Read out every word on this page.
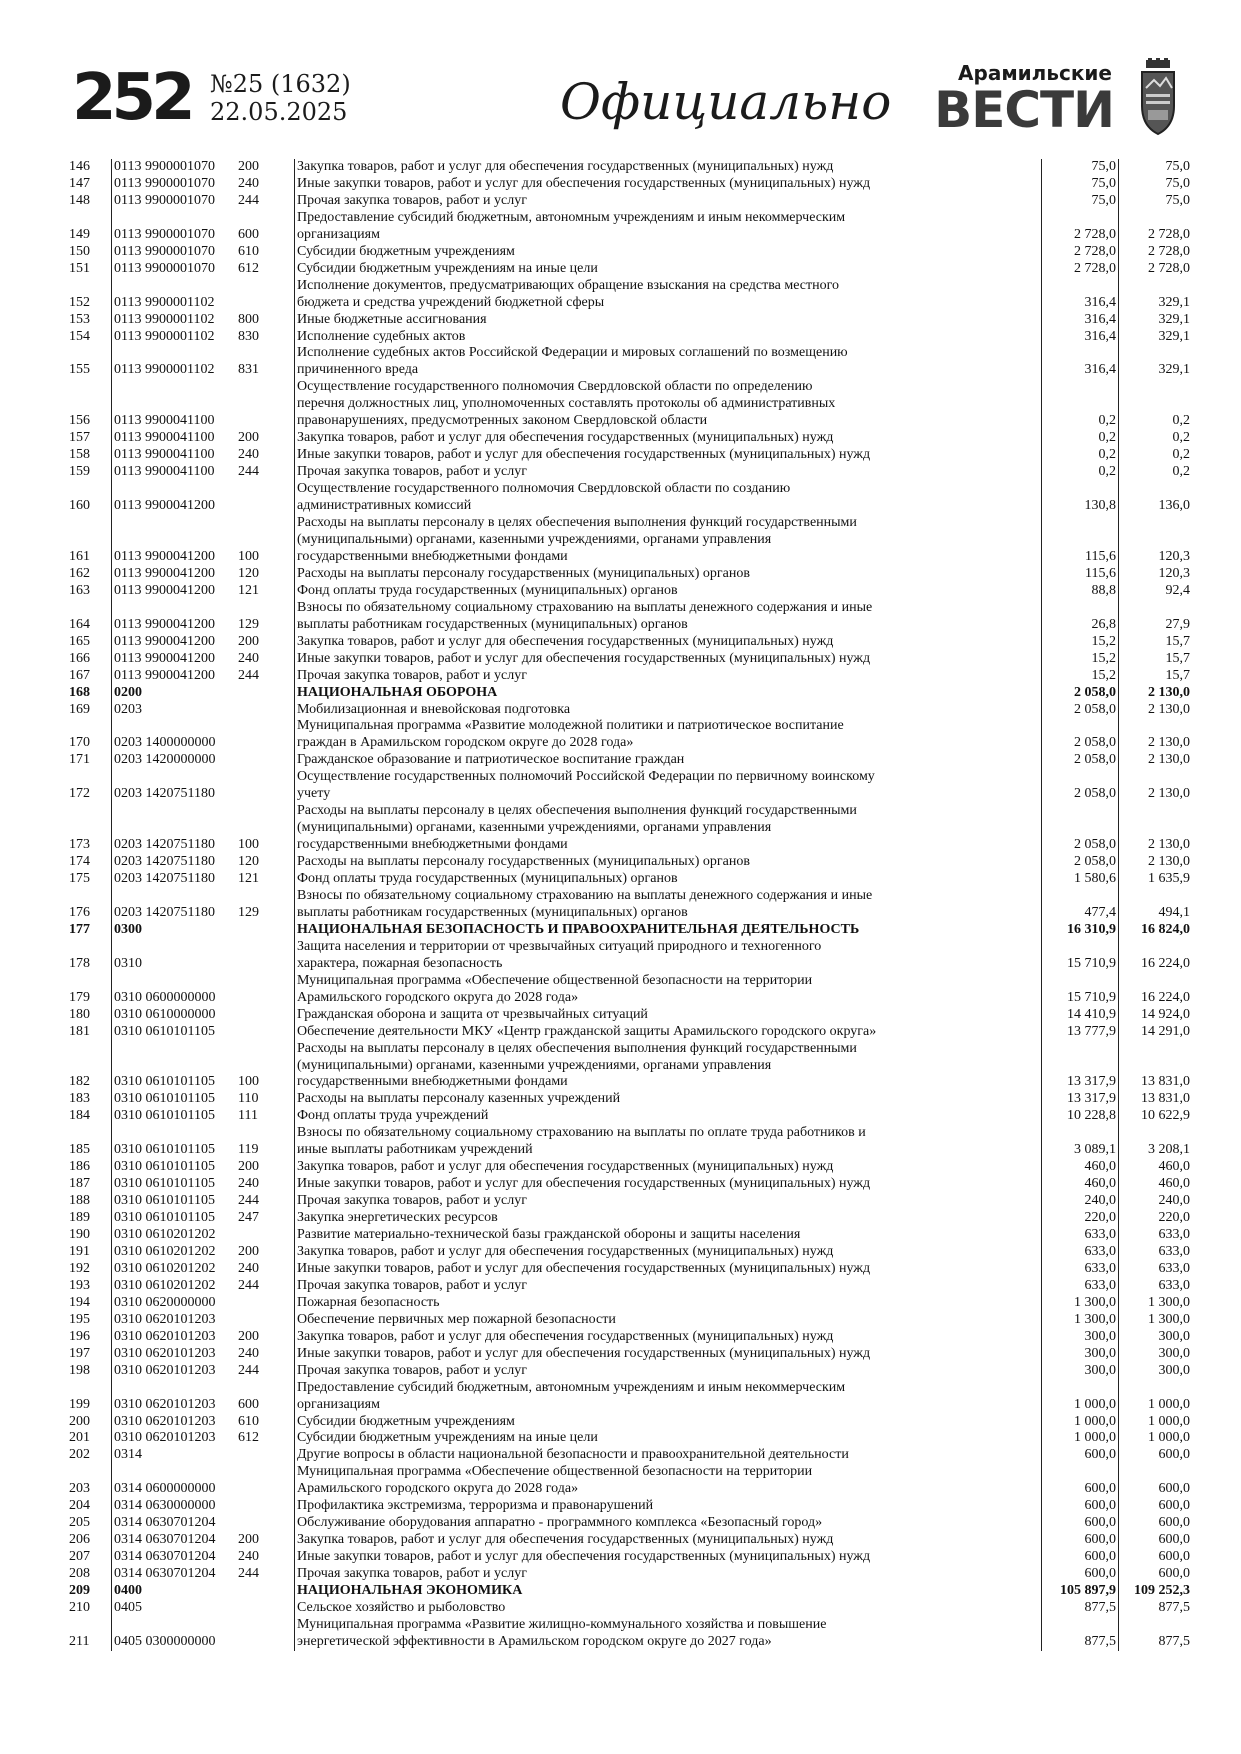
252 №25 (1632)
22.05.2025	Официально	Арамильские
ВЕСТИ
146	0113 9900001070 200	Закупка товаров, работ и услуг для обеспечения государственных (муниципальных) нужд	75,0	75,0
147	0113 9900001070 240	Иные закупки товаров, работ и услуг для обеспечения государственных (муниципальных) нужд	75,0	75,0
148	0113 9900001070 244	Прочая закупка товаров, работ и услуг	75,0	75,0
149	0113 9900001070 600	Предоставление субсидий бюджетным, автономным учреждениям и иным некоммерческим
организациям	2 728,0	2 728,0
150	0113 9900001070 610	Субсидии бюджетным учреждениям	2 728,0	2 728,0
151	0113 9900001070 612	Субсидии бюджетным учреждениям на иные цели	2 728,0	2 728,0
152	0113 9900001102	Исполнение документов, предусматривающих обращение взыскания на средства местного
бюджета и средства учреждений бюджетной сферы	316,4	329,1
153	0113 9900001102 800	Иные бюджетные ассигнования	316,4	329,1
154	0113 9900001102 830	Исполнение судебных актов	316,4	329,1
155	0113 9900001102 831	Исполнение судебных актов Российской Федерации и мировых соглашений по возмещению
причиненного вреда	316,4	329,1
156	0113 9900041100	Осуществление государственного полномочия Свердловской области по определению
перечня должностных лиц, уполномоченных составлять протоколы об административных
правонарушениях, предусмотренных законом Свердловской области	0,2	0,2
157	0113 9900041100 200	Закупка товаров, работ и услуг для обеспечения государственных (муниципальных) нужд	0,2	0,2
158	0113 9900041100 240	Иные закупки товаров, работ и услуг для обеспечения государственных (муниципальных) нужд	0,2	0,2
159	0113 9900041100 244	Прочая закупка товаров, работ и услуг	0,2	0,2
160	0113 9900041200	Осуществление государственного полномочия Свердловской области по созданию
административных комиссий	130,8	136,0
161	0113 9900041200 100	Расходы на выплаты персоналу в целях обеспечения выполнения функций государственными
(муниципальными) органами, казенными учреждениями, органами управления
государственными внебюджетными фондами	115,6	120,3
162	0113 9900041200 120	Расходы на выплаты персоналу государственных (муниципальных) органов	115,6	120,3
163	0113 9900041200 121	Фонд оплаты труда государственных (муниципальных) органов	88,8	92,4
164	0113 9900041200 129	Взносы по обязательному социальному страхованию на выплаты денежного содержания и иные
выплаты работникам государственных (муниципальных) органов	26,8	27,9
165	0113 9900041200 200	Закупка товаров, работ и услуг для обеспечения государственных (муниципальных) нужд	15,2	15,7
166	0113 9900041200 240	Иные закупки товаров, работ и услуг для обеспечения государственных (муниципальных) нужд	15,2	15,7
167	0113 9900041200 244	Прочая закупка товаров, работ и услуг	15,2	15,7
168	0200	НАЦИОНАЛЬНАЯ ОБОРОНА	2 058,0	2 130,0
169	0203	Мобилизационная и вневойсковая подготовка	2 058,0	2 130,0
170	0203 1400000000	Муниципальная программа «Развитие молодежной политики и патриотическое воспитание
граждан в Арамильском городском округе до 2028 года»	2 058,0	2 130,0
171	0203 1420000000	Гражданское образование и патриотическое воспитание граждан	2 058,0	2 130,0
172	0203 1420751180	Осуществление государственных полномочий Российской Федерации по первичному воинскому
учету	2 058,0	2 130,0
173	0203 1420751180 100	Расходы на выплаты персоналу в целях обеспечения выполнения функций государственными
(муниципальными) органами, казенными учреждениями, органами управления
государственными внебюджетными фондами	2 058,0	2 130,0
174	0203 1420751180 120	Расходы на выплаты персоналу государственных (муниципальных) органов	2 058,0	2 130,0
175	0203 1420751180 121	Фонд оплаты труда государственных (муниципальных) органов	1 580,6	1 635,9
176	0203 1420751180 129	Взносы по обязательному социальному страхованию на выплаты денежного содержания и иные
выплаты работникам государственных (муниципальных) органов	477,4	494,1
177	0300	НАЦИОНАЛЬНАЯ БЕЗОПАСНОСТЬ И ПРАВООХРАНИТЕЛЬНАЯ ДЕЯТЕЛЬНОСТЬ	16 310,9	16 824,0
178	0310	Защита населения и территории от чрезвычайных ситуаций природного и техногенного
характера, пожарная безопасность	15 710,9	16 224,0
179	0310 0600000000	Муниципальная программа «Обеспечение общественной безопасности на территории
Арамильского городского округа до 2028 года»	15 710,9	16 224,0
180	0310 0610000000	Гражданская оборона и защита от чрезвычайных ситуаций	14 410,9	14 924,0
181	0310 0610101105	Обеспечение деятельности МКУ «Центр гражданской защиты Арамильского городского округа»	13 777,9	14 291,0
182	0310 0610101105 100	Расходы на выплаты персоналу в целях обеспечения выполнения функций государственными
(муниципальными) органами, казенными учреждениями, органами управления
государственными внебюджетными фондами	13 317,9	13 831,0
183	0310 0610101105 110	Расходы на выплаты персоналу казенных учреждений	13 317,9	13 831,0
184	0310 0610101105 111	Фонд оплаты труда учреждений	10 228,8	10 622,9
185	0310 0610101105 119	Взносы по обязательному социальному страхованию на выплаты по оплате труда работников и
иные выплаты работникам учреждений	3 089,1	3 208,1
186	0310 0610101105 200	Закупка товаров, работ и услуг для обеспечения государственных (муниципальных) нужд	460,0	460,0
187	0310 0610101105 240	Иные закупки товаров, работ и услуг для обеспечения государственных (муниципальных) нужд	460,0	460,0
188	0310 0610101105 244	Прочая закупка товаров, работ и услуг	240,0	240,0
189	0310 0610101105 247	Закупка энергетических ресурсов	220,0	220,0
190	0310 0610201202	Развитие материально-технической базы гражданской обороны и защиты населения	633,0	633,0
191	0310 0610201202 200	Закупка товаров, работ и услуг для обеспечения государственных (муниципальных) нужд	633,0	633,0
192	0310 0610201202 240	Иные закупки товаров, работ и услуг для обеспечения государственных (муниципальных) нужд	633,0	633,0
193	0310 0610201202 244	Прочая закупка товаров, работ и услуг	633,0	633,0
194	0310 0620000000	Пожарная безопасность	1 300,0	1 300,0
195	0310 0620101203	Обеспечение первичных мер пожарной безопасности	1 300,0	1 300,0
196	0310 0620101203 200	Закупка товаров, работ и услуг для обеспечения государственных (муниципальных) нужд	300,0	300,0
197	0310 0620101203 240	Иные закупки товаров, работ и услуг для обеспечения государственных (муниципальных) нужд	300,0	300,0
198	0310 0620101203 244	Прочая закупка товаров, работ и услуг	300,0	300,0
199	0310 0620101203 600	Предоставление субсидий бюджетным, автономным учреждениям и иным некоммерческим
организациям	1 000,0	1 000,0
200	0310 0620101203 610	Субсидии бюджетным учреждениям	1 000,0	1 000,0
201	0310 0620101203 612	Субсидии бюджетным учреждениям на иные цели	1 000,0	1 000,0
202	0314	Другие вопросы в области национальной безопасности и правоохранительной деятельности	600,0	600,0
203	0314 0600000000	Муниципальная программа «Обеспечение общественной безопасности на территории
Арамильского городского округа до 2028 года»	600,0	600,0
204	0314 0630000000	Профилактика экстремизма, терроризма и правонарушений	600,0	600,0
205	0314 0630701204	Обслуживание оборудования аппаратно - программного комплекса «Безопасный город»	600,0	600,0
206	0314 0630701204 200	Закупка товаров, работ и услуг для обеспечения государственных (муниципальных) нужд	600,0	600,0
207	0314 0630701204 240	Иные закупки товаров, работ и услуг для обеспечения государственных (муниципальных) нужд	600,0	600,0
208	0314 0630701204 244	Прочая закупка товаров, работ и услуг	600,0	600,0
209	0400	НАЦИОНАЛЬНАЯ ЭКОНОМИКА	105 897,9	109 252,3
210	0405	Сельское хозяйство и рыболовство	877,5	877,5
211	0405 0300000000	Муниципальная программа «Развитие жилищно-коммунального хозяйства и повышение
энергетической эффективности в Арамильском городском округе до 2027 года»	877,5	877,5
